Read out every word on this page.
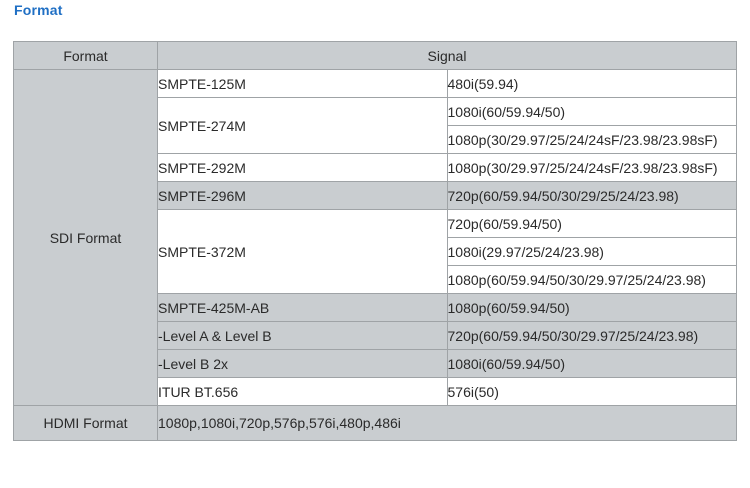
Format
Format	Signal	
SDI Format	SMPTE-125M	480i(59.94)
	SMPTE-274M	1080i(60/59.94/50)
		1080p(30/29.97/25/24/24sF/23.98/23.98sF)
	SMPTE-292M	1080p(30/29.97/25/24/24sF/23.98/23.98sF)
	SMPTE-296M	720p(60/59.94/50/30/29/25/24/23.98)
	SMPTE-372M	720p(60/59.94/50)
		1080i(29.97/25/24/23.98)
		1080p(60/59.94/50/30/29.97/25/24/23.98)
	SMPTE-425M-AB	1080p(60/59.94/50)
	-Level A & Level B	720p(60/59.94/50/30/29.97/25/24/23.98)
	-Level B 2x	1080i(60/59.94/50)
	ITUR BT.656	576i(50)
HDMI Format	1080p,1080i,720p,576p,576i,480p,486i	
